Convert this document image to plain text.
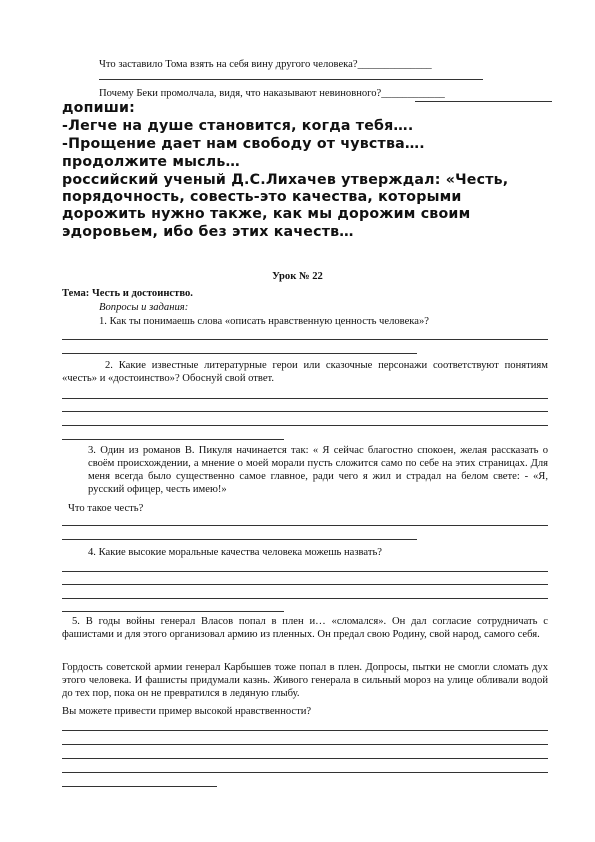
Что заставило Тома взять на себя вину другого человека?______________
Почему Беки промолчала, видя, что наказывают невиновного?____________
допиши:
-Легче на душе становится, когда тебя….
-Прощение дает нам свободу от чувства….
продолжите мысль…
российский ученый Д.С.Лихачев утверждал: «Честь, порядочность, совесть-это качества, которыми дорожить нужно также, как мы дорожим своим эдоровьем, ибо без этих качеств…
Урок № 22
Тема: Честь и достоинство.
Вопросы и задания:
1. Как ты понимаешь слова «описать нравственную ценность человека»?
2. Какие известные литературные герои или сказочные персонажи соответствуют понятиям «честь» и «достоинство»? Обоснуй свой ответ.
3. Один из романов В. Пикуля начинается так: « Я сейчас благостно спокоен, желая рассказать о своём происхождении, а мнение о моей морали пусть сложится само по себе на этих страницах. Для меня всегда было существенно самое главное, ради чего я жил и страдал на белом свете: - «Я, русский офицер, честь имею!»
Что такое честь?
4. Какие высокие моральные качества человека можешь назвать?
5. В годы войны генерал Власов попал в плен и… «сломался». Он дал согласие сотрудничать с фашистами и для этого организовал армию из пленных. Он предал свою Родину, свой народ, самого себя.
Гордость советской армии генерал Карбышев тоже попал в плен. Допросы, пытки не смогли сломать дух этого человека. И фашисты придумали казнь. Живого генерала в сильный мороз на улице обливали водой до тех пор, пока он не превратился в ледяную глыбу.
Вы можете привести пример высокой нравственности?
